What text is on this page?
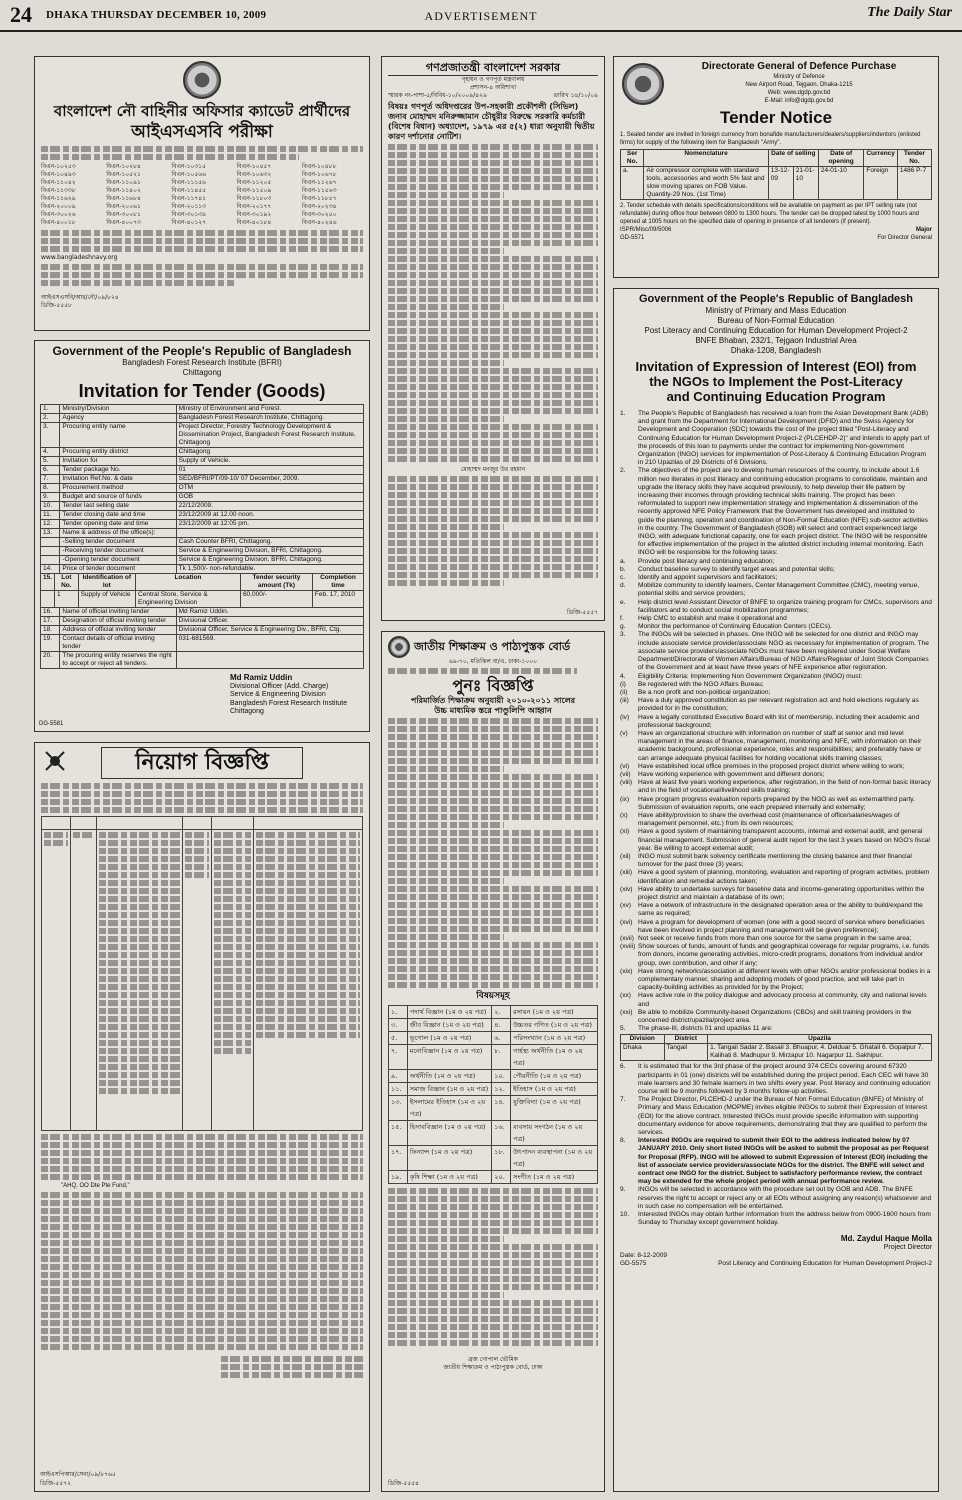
24 DHAKA THURSDAY DECEMBER 10, 2009	ADVERTISEMENT	The Daily Star
বাংলাদেশ নৌ বাহিনীর অফিসার ক্যাডেট প্রার্থীদের
আইএসএসবি পরীক্ষা
বিএন-১০২৫৩	বিএন-১০২৮৪	বিএন-১০৩১৫	বিএন-১০৪৫৭	বিএন-১০৪৮৮
বিএন-১০৪৯৩	বিএন-১০৫২১	বিএন-১০৫৬৬	বিএন-১০৬৩২	বিএন-১০৬৭৮
বিএন-১১০৪২	বিএন-১১০৯১	বিএন-১১১৫৬	বিএন-১১২০৫	বিএন-১১২৬৭
বিএন-১১৩৩৮	বিএন-১১৪০২	বিএন-১১৪৫৫	বিএন-১১৫০৯	বিএন-১১৫৬৩
বিএন-১১৬২৯	বিএন-১১৬৮৪	বিএন-১১৭৪১	বিএন-১১৮০৩	বিএন-১১৮৫৭
বিএন-২০০০৯	বিএন-২০০৬১	বিএন-২০১১৩	বিএন-২০১৭৭	বিএন-২০২৩৪
বিএন-৩০০২৬	বিএন-৩০০৮১	বিএন-৩০১৩৯	বিএন-৩০১৯২	বিএন-৩০২৫০
বিএন-৪০০১৮	বিএন-৪০০৭৩	বিএন-৪০১২৭	বিএন-৪০১৮৪	বিএন-৪০২৪৬
www.bangladeshnavy.org
আইএসএসবি/আর/নৌ/০৯/৮২৪
ডিজি-৫৫৫৮
Government of the People's Republic of Bangladesh
Bangladesh Forest Research Institute (BFRI)
Chittagong
Invitation for Tender (Goods)
1.	Ministry/Division	Ministry of Environment and Forest.
2.	Agency	Bangladesh Forest Research Institute, Chittagong.
3.	Procuring entity name	Project Director, Forestry Technology Development & Dissemination Project, Bangladesh Forest Research Institute, Chittagong
4.	Procuring entity district	Chittagong
5.	Invitation for	Supply of Vehicle.
6.	Tender package No.	01
7.	Invitation Ref.No. & date	SED/BFRI/PT/09-10/ 07 December, 2009.
8.	Procurement method	OTM
9.	Budget and source of funds	GOB
10.	Tender last selling date	22/12/2009.
11.	Tender closing date and time	23/12/2009 at 12.00 noon.
12.	Tender opening date and time	23/12/2009 at 12:05 pm.
13.	Name & address of the office(s):	
	-Selling tender document	Cash Counter BFRI, Chittagong.
	-Receiving tender document	Service & Engineering Division, BFRI, Chittagong.
	-Opening tender document	Service & Engineering Division, BFRI, Chittagong.
14.	Price of tender document	Tk 1,500/- non-refundable.
15.	Lot No.	Identification of lot	Location	Tender security amount (Tk)	Completion time
	1	Supply of Vehicle	Central Store, Service & Engineering Division	60,000/-	Feb. 17, 2010
16.	Name of official inviting tender	Md Ramiz Uddin.
17.	Designation of official inviting tender	Divisional Officer.
18.	Address of official inviting tender	Divisional Officer, Service & Engineering Div., BFRI, Ctg.
19.	Contact details of official inviting tender	031-681569.
20.	The procuring entity reserves the right to accept or reject all tenders.	
Md Ramiz Uddin
Divisional Officer (Add. Charge)
Service & Engineering Division
Bangladesh Forest Research Institute
Chittagong
DG-5581
নিয়োগ বিজ্ঞপ্তি

"AHQ, OO Dte Pte Fund,"
আইএসপিআর/সেনা/০৯/৮৭৬৫
ডিজি-৫৫৭২
গণপ্রজাতন্ত্রী বাংলাদেশ সরকার
গৃহায়ন ও গণপূর্ত মন্ত্রণালয়
প্রশাসন-৪ অধিশাখা
স্মারক নং-পাশা-৫/বিবিধ-১০/২০০৯/৪২৯	তারিখ ১৪/১০/০৯
বিষয়ঃ গণপূর্ত অধিদপ্তরের উপ-সহকারী প্রকৌশলী (সিভিল) জনাব মোহাম্মদ মনিরুজ্জামান চৌধুরীর বিরুদ্ধে সরকারি কর্মচারী (বিশেষ বিধান) অধ্যাদেশ, ১৯৭৯ এর ৫(২) ধারা অনুযায়ী দ্বিতীয় কারণ দর্শানোর নোটিশ।
মোহাম্মদ মনজুর উর রহমান
ডিজি-৫৫৫৭
জাতীয় শিক্ষাক্রম ও পাঠ্যপুস্তক বোর্ড
৬৯-৭০, মতিঝিল বা/এ, ঢাকা-১০০০
পুনঃ বিজ্ঞপ্তি
পরিমার্জিত শিক্ষাক্রম অনুযায়ী ২০১০-২০১১ সালের
উচ্চ মাধ্যমিক স্তরে পাণ্ডুলিপি আহ্বান
বিষয়সমূহ
১.	পদার্থ বিজ্ঞান (১ম ও ২য় পত্র)	২.	রসায়ন (১ম ও ২য় পত্র)
৩.	জীব বিজ্ঞান (১ম ও ২য় পত্র)	৪.	উচ্চতর গণিত (১ম ও ২য় পত্র)
৫.	ভূগোল (১ম ও ২য় পত্র)	৬.	পরিসংখ্যান (১ম ও ২য় পত্র)
৭.	মনোবিজ্ঞান (১ম ও ২য় পত্র)	৮.	গার্হস্থ্য অর্থনীতি (১ম ও ২য় পত্র)
৯.	অর্থনীতি (১ম ও ২য় পত্র)	১০.	পৌরনীতি (১ম ও ২য় পত্র)
১১.	সমাজ বিজ্ঞান (১ম ও ২য় পত্র)	১২.	ইতিহাস (১ম ও ২য় পত্র)
১৩.	ইসলামের ইতিহাস (১ম ও ২য় পত্র)	১৪.	যুক্তিবিদ্যা (১ম ও ২য় পত্র)
১৫.	হিসাববিজ্ঞান (১ম ও ২য় পত্র)	১৬.	ব্যবসায় সংগঠন (১ম ও ২য় পত্র)
১৭.	ফিন্যান্স (১ম ও ২য় পত্র)	১৮.	উৎপাদন ব্যবস্থাপনা (১ম ও ২য় পত্র)
১৯.	কৃষি শিক্ষা (১ম ও ২য় পত্র)	২০.	সংগীত (১ম ও ২য় পত্র)
ব্রজ গোপাল ভৌমিক
জাতীয় শিক্ষাক্রম ও পাঠ্যপুস্তক বোর্ড, ঢাকা
ডিজি-৫৫৫৪
Directorate General of Defence Purchase
Ministry of Defence
New Airport Road, Tejgaon, Dhaka-1215
Web: www.dgdp.gov.bd
E-Mail: info@dgdp.gov.bd
Tender Notice
1. Sealed tender are invited in foreign currency from bonafide manufacturers/dealers/suppliers/indentors (enlisted firms) for supply of the following item for Bangladesh "Army".
Ser No.	Nomenclature	Date of selling		Date of opening	Currency	Tender No.
a.	Air compressor complete with standard tools, accessories and worth 5% fast and slow moving spares on FOB Value. Quantity-29 Nos. (1st Time)	13-12-09	21-01-10	24-01-10	Foreign	1486 P-7
2. Tender schedule with details specifications/conditions will be available on payment as per IPT selling rate (not refundable) during office hour between 0800 to 1300 hours. The tender can be dropped latest by 1000 hours and opened at 1005 hours on the specified date of opening in presence of all tenderers (if present).
ISPR/Misc/09/5006	Major
GD-5571	For Director General
Government of the People's Republic of Bangladesh
Ministry of Primary and Mass Education
Bureau of Non-Formal Education
Post Literacy and Continuing Education for Human Development Project-2
BNFE Bhaban, 232/1, Tejgaon Industrial Area
Dhaka-1208, Bangladesh
Invitation of Expression of Interest (EOI) from
the NGOs to Implement the Post-Literacy
and Continuing Education Program
1.	The People's Republic of Bangladesh has received a loan from the Asian Development Bank (ADB) and grant from the Department for International Development (DFID) and the Swiss Agency for Development and Cooperation (SDC) towards the cost of the project titled "Post-Literacy and Continuing Education for Human Development Project-2 (PLCEHDP-2)" and intends to apply part of the proceeds of this loan to payments under the contract for implementing Non-government Organization (INGO) services for implementation of Post-Literacy & Continuing Education Program in 210 Upazilas of 29 Districts of 6 Divisions.
2.	The objectives of the project are to develop human resources of the country, to include about 1.6 million neo literates in post literacy and continuing education programs to consolidate, maintain and upgrade the literacy skills they have acquired previously, to help develop their life pattern by increasing their incomes through providing technical skills training. The project has been reformulated to support new implementation strategy and implementation & dissemination of the recently approved NFE Policy Framework that the Government has developed and instituted to guide the planning, operation and coordination of Non-Formal Education (NFE) sub-sector activities in the country. The Government of Bangladesh (GOB) will select and contract experienced large INGO, with adequate functional capacity, one for each project district. The INGO will be responsible for effective implementation of the project in the allotted district including internal monitoring. Each INGO will be responsible for the following tasks:
a.	Provide post literacy and continuing education;
b.	Conduct baseline survey to identify target areas and potential skills;
c.	Identify and appoint supervisors and facilitators;
d.	Mobilize community to identify learners, Center Management Committee (CMC), meeting venue, potential skills and service providers;
e.	Help district level Assistant Director of BNFE to organize training program for CMCs, supervisors and facilitators and to conduct social mobilization programmes;
f.	Help CMC to establish and make it operational and
g.	Monitor the performance of Continuing Education Centers (CECs).
3.	The INGOs will be selected in phases. One INGO will be selected for one district and INGO may include associate service provider/associate NGO as necessary for implementation of program. The associate service providers/associate NGOs must have been registered under Social Welfare Department/Directorate of Women Affairs/Bureau of NGO Affairs/Register of Joint Stock Companies of the Government and at least have three years of NFE experience after registration.
4.	Eligibility Criteria: Implementing Non Government Organization (INGO) must:
(i)	Be registered with the NGO Affairs Bureau;
(ii)	Be a non profit and non-political organization;
(iii)	Have a duly approved constitution as per relevant registration act and hold elections regularly as provided for in the constitution;
(iv)	Have a legally constituted Executive Board with list of membership, including their academic and professional background;
(v)	Have an organizational structure with information on number of staff at senior and mid level management in the areas of finance, management, monitoring and NFE, with information on their academic background, professional experience, roles and responsibilities; and preferably have or can arrange adequate physical facilities for holding vocational skills training classes;
(vi)	Have established local office premises in the proposed project district where willing to work;
(vii)	Have working experience with government and different donors;
(viii) Have at least five years working experience, after registration, in the field of non-formal basic literacy and in the field of vocational/livelihood skills training;
(ix)	Have program progress evaluation reports prepared by the NGO as well as external/third party. Submission of evaluation reports, one each prepared internally and externally;
(x)	Have ability/provision to share the overhead cost (maintenance of office/salaries/wages of management personnel, etc.) from its own resources;
(xi)	Have a good system of maintaining transparent accounts, internal and external audit, and general financial management. Submission of general audit report for the last 3 years based on NGO's fiscal year. Be willing to accept external audit;
(xii)	INGO must submit bank solvency certificate mentioning the closing balance and their financial turnover for the past three (3) years;
(xiii) Have a good system of planning, monitoring, evaluation and reporting of program activities, problem identification and remedial actions taken;
(xiv) Have ability to undertake surveys for baseline data and income-generating opportunities within the project district and maintain a database of its own;
(xv)	Have a network of infrastructure in the designated operation area or the ability to build/expand the same as required;
(xvi) Have a program for development of women (one with a good record of service where beneficiaries have been involved in project planning and management will be given preference);
(xvii) Not seek or receive funds from more than one source for the same program in the same area;
(xviii) Show sources of funds, amount of funds and geographical coverage for regular programs, i.e. funds from donors, income generating activities, micro-credit programs, donations from individual and/or group, own contribution, and other if any;
(xix) Have strong networks/association at different levels with other NGOs and/or professional bodies in a complementary manner, sharing and adopting models of good practice, and will take part in capacity-building activities as provided for by the Project;
(xx)	Have active role in the policy dialogue and advocacy process at community, city and national levels and
(xxi) Be able to mobilize Community-based Organizations (CBOs) and skill training providers in the concerned district/upazila/project area.
5.	The phase-III, districts 01 and upazilas 11 are:
Division	District	Upazila
Dhaka	Tangail	1. Tangail Sadar 2. Basail 3. Bhuapur, 4. Delduar 5. Ghatail 6. Gopalpur 7. Kalihati 8. Madhupur 9. Mirzapur 10. Nagarpur 11. Sakhipur.
6.	It is estimated that for the 3rd phase of the project around 374 CECs covering around 67320 participants in 01 (one) districts will be established during the project period. Each CEC will have 30 male learners and 30 female learners in two shifts every year. Post literacy and continuing education course will be 9 months followed by 3 months follow-up activities.
7.	The Project Director, PLCEHD-2 under the Bureau of Non Formal Education (BNFE) of Ministry of Primary and Mass Education (MOPME) invites eligible INGOs to submit their Expression of Interest (EOI) for the above contract. Interested INGOs must provide specific information with supporting documentary evidence for above requirements, demonstrating that they are qualified to perform the services.
8.	Interested INGOs are required to submit their EOI to the address indicated below by 07 JANUARY 2010. Only short listed INGOs will be asked to submit the proposal as per Request for Proposal (RFP). INGO will be allowed to submit Expression of Interest (EOI) including the list of associate service providers/associate NGOs for the district. The BNFE will select and contract one INGO for the district. Subject to satisfactory performance review, the contract may be extended for the whole project period with annual performance review.
9.	INGOs will be selected in accordance with the procedure set out by GOB and ADB. The BNFE reserves the right to accept or reject any or all EOIs without assigning any reason(s) whatsoever and in such case no compensation will be entertained.
10.	Interested INGOs may obtain further information from the address below from 0900-1600 hours from Sunday to Thursday except government holiday.
Md. Zaydul Haque Molla
Project Director
Date: 8-12-2009
GD-5575	Post Literacy and Continuing Education for Human Development Project-2
